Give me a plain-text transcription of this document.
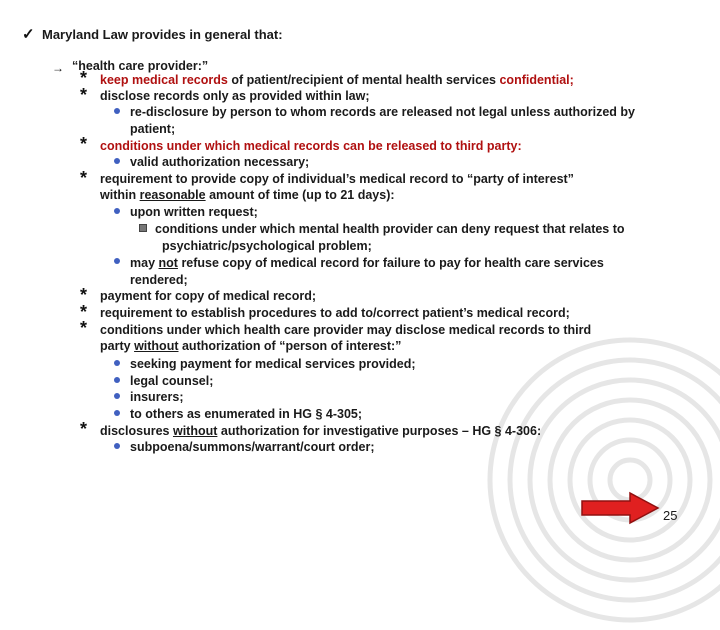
✓ Maryland Law provides in general that:
→ “health care provider:”
* keep medical records of patient/recipient of mental health services confidential;
* disclose records only as provided within law;
re-disclosure by person to whom records are released not legal unless authorized by
patient;
* conditions under which medical records can be released to third party:
valid authorization necessary;
* requirement to provide copy of individual’s medical record to “party of interest”
within reasonable amount of time (up to 21 days):
upon written request;
conditions under which mental health provider can deny request that relates to
psychiatric/psychological problem;
may not refuse copy of medical record for failure to pay for health care services
rendered;
* payment for copy of medical record;
* requirement to establish procedures to add to/correct patient’s medical record;
* conditions under which health care provider may disclose medical records to third
party without authorization of “person of interest:”
seeking payment for medical services provided;
legal counsel;
insurers;
to others as enumerated in HG § 4-305;
* disclosures without authorization for investigative purposes – HG § 4-306:
subpoena/summons/warrant/court order;
25
